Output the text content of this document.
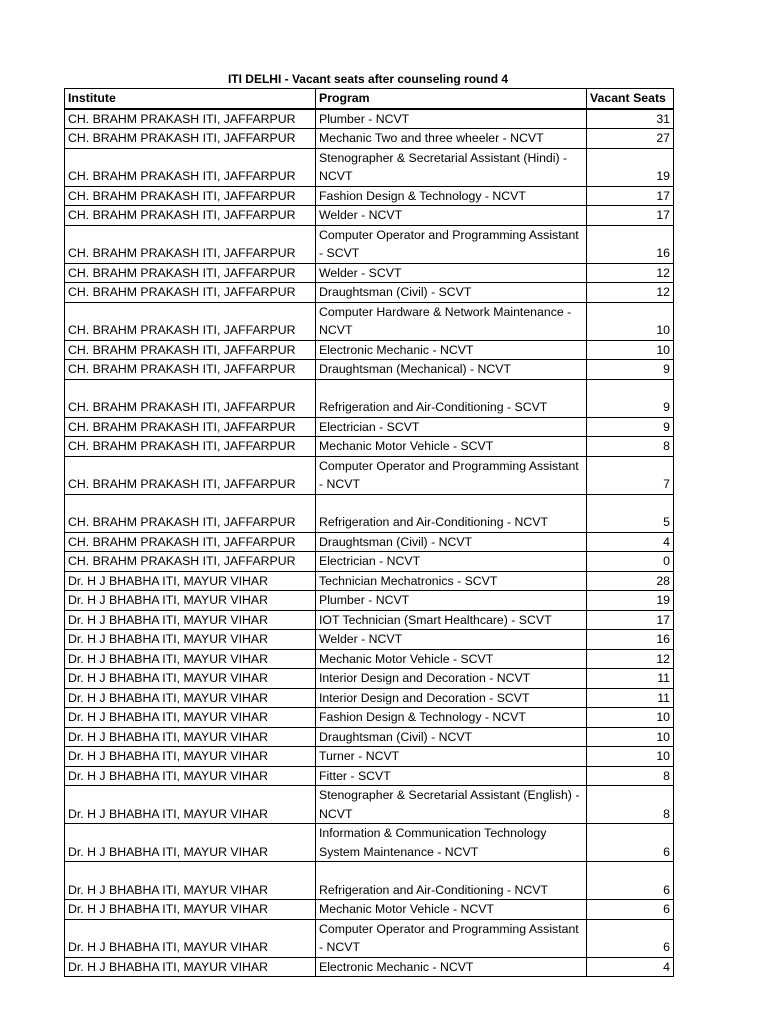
ITI DELHI - Vacant seats after counseling round 4
Institute	Program	Vacant Seats
CH. BRAHM PRAKASH ITI, JAFFARPUR	Plumber - NCVT	31
CH. BRAHM PRAKASH ITI, JAFFARPUR	Mechanic Two and three wheeler - NCVT	27
CH. BRAHM PRAKASH ITI, JAFFARPUR	Stenographer & Secretarial Assistant (Hindi) - NCVT	19
CH. BRAHM PRAKASH ITI, JAFFARPUR	Fashion Design & Technology - NCVT	17
CH. BRAHM PRAKASH ITI, JAFFARPUR	Welder - NCVT	17
CH. BRAHM PRAKASH ITI, JAFFARPUR	Computer Operator and Programming Assistant - SCVT	16
CH. BRAHM PRAKASH ITI, JAFFARPUR	Welder - SCVT	12
CH. BRAHM PRAKASH ITI, JAFFARPUR	Draughtsman (Civil) - SCVT	12
CH. BRAHM PRAKASH ITI, JAFFARPUR	Computer Hardware & Network Maintenance - NCVT	10
CH. BRAHM PRAKASH ITI, JAFFARPUR	Electronic Mechanic - NCVT	10
CH. BRAHM PRAKASH ITI, JAFFARPUR	Draughtsman (Mechanical) - NCVT	9
CH. BRAHM PRAKASH ITI, JAFFARPUR	Refrigeration and Air-Conditioning - SCVT	9
CH. BRAHM PRAKASH ITI, JAFFARPUR	Electrician - SCVT	9
CH. BRAHM PRAKASH ITI, JAFFARPUR	Mechanic Motor Vehicle - SCVT	8
CH. BRAHM PRAKASH ITI, JAFFARPUR	Computer Operator and Programming Assistant - NCVT	7
CH. BRAHM PRAKASH ITI, JAFFARPUR	Refrigeration and Air-Conditioning - NCVT	5
CH. BRAHM PRAKASH ITI, JAFFARPUR	Draughtsman (Civil) - NCVT	4
CH. BRAHM PRAKASH ITI, JAFFARPUR	Electrician - NCVT	0
Dr. H J BHABHA ITI, MAYUR VIHAR	Technician Mechatronics - SCVT	28
Dr. H J BHABHA ITI, MAYUR VIHAR	Plumber - NCVT	19
Dr. H J BHABHA ITI, MAYUR VIHAR	IOT Technician (Smart Healthcare) - SCVT	17
Dr. H J BHABHA ITI, MAYUR VIHAR	Welder - NCVT	16
Dr. H J BHABHA ITI, MAYUR VIHAR	Mechanic Motor Vehicle - SCVT	12
Dr. H J BHABHA ITI, MAYUR VIHAR	Interior Design and Decoration - NCVT	11
Dr. H J BHABHA ITI, MAYUR VIHAR	Interior Design and Decoration - SCVT	11
Dr. H J BHABHA ITI, MAYUR VIHAR	Fashion Design & Technology - NCVT	10
Dr. H J BHABHA ITI, MAYUR VIHAR	Draughtsman (Civil) - NCVT	10
Dr. H J BHABHA ITI, MAYUR VIHAR	Turner - NCVT	10
Dr. H J BHABHA ITI, MAYUR VIHAR	Fitter - SCVT	8
Dr. H J BHABHA ITI, MAYUR VIHAR	Stenographer & Secretarial Assistant (English) - NCVT	8
Dr. H J BHABHA ITI, MAYUR VIHAR	Information & Communication Technology System Maintenance - NCVT	6
Dr. H J BHABHA ITI, MAYUR VIHAR	Refrigeration and Air-Conditioning - NCVT	6
Dr. H J BHABHA ITI, MAYUR VIHAR	Mechanic Motor Vehicle - NCVT	6
Dr. H J BHABHA ITI, MAYUR VIHAR	Computer Operator and Programming Assistant - NCVT	6
Dr. H J BHABHA ITI, MAYUR VIHAR	Electronic Mechanic - NCVT	4
